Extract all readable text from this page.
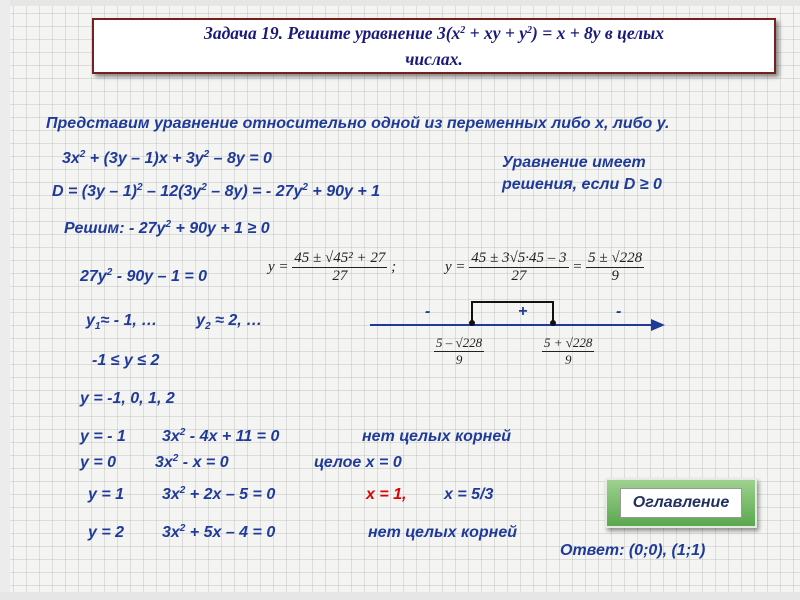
Задача 19. Решите уравнение $3(x^2$ + xy + $y^2) = x + 8y$ в целых
числах.
Представим уравнение относительно одной из переменных либо x, либо y.
$3x^2 + (3y - 1)x + 3y^2 - 8y = 0$
$D = (3y - 1)^2 - 12(3y^2 - 8y)$ = - $27y^2 + 90y + 1$
Уравнение имеет
решения, если D ≥ 0
Решим: - $27y^2 + 90y + 1 \ge 0$
$27y^2 - 90y - 1 = 0$
$y = \frac{\text{45 ± √45² + 27}}{27}$ ;	$y = \frac{45 \pm 3√5\cdot 45 - 3}{27} = \frac{5 \pm √228}{9}$
$y_1\approx - 1$, … $y_2 \approx 2$, …
-	+	-
$\frac{5 - √228}{9}$	$\frac{5 + √228}{9}$
-1 ≤ y ≤ 2
y = -1, 0, 1, 2
y = - 1 $3x^2 - 4x + 11 = 0$	нет целых корней
y = 0 $3x^2 - x = 0$	целое x = 0
y = 1 $3x^2 + 2x - 5 = 0$	x = 1, x = 5/3
y = 2 $3x^2 + 5x - 4 = 0$	нет целых корней
Ответ: (0;0), (1;1)
Оглавление
